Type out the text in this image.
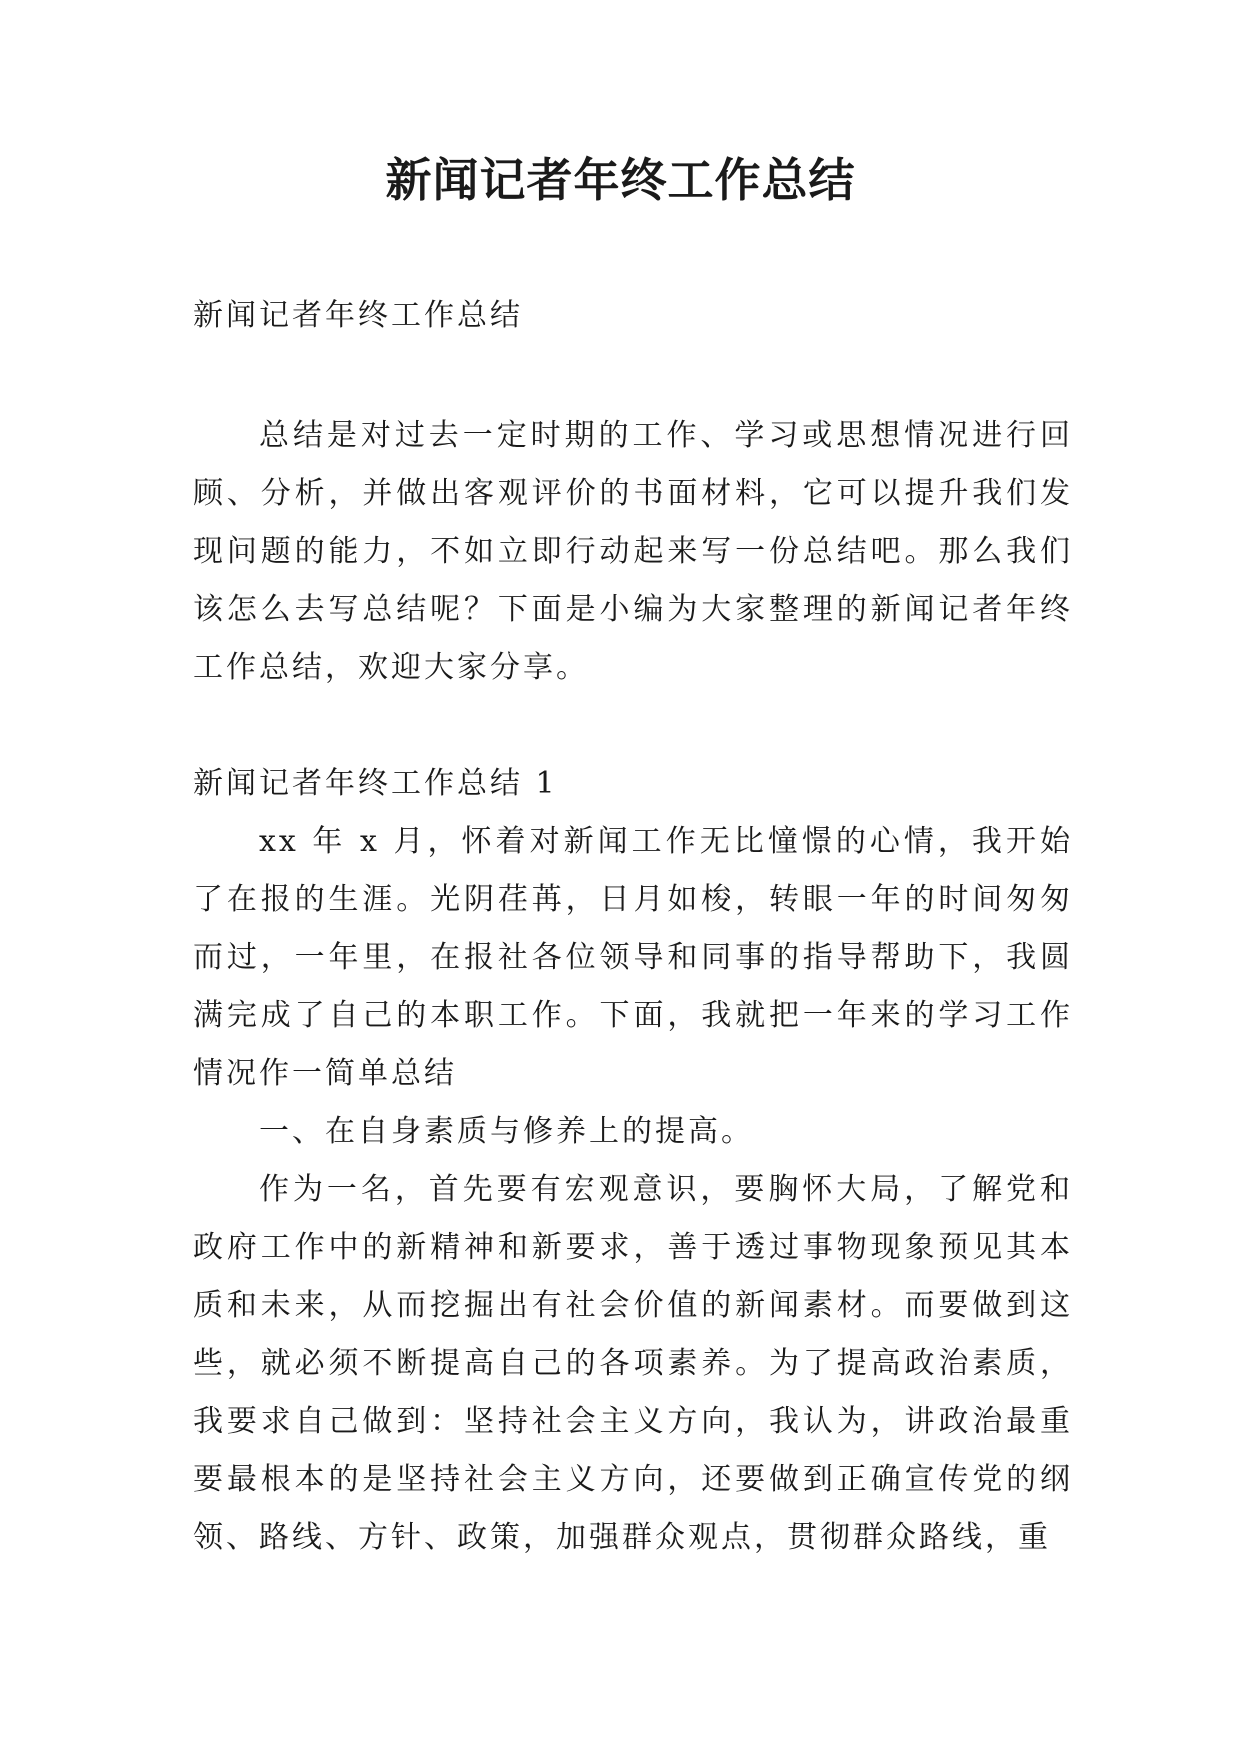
新闻记者年终工作总结

新闻记者年终工作总结

总结是对过去一定时期的工作、学习或思想情况进行回顾、分析，并做出客观评价的书面材料，它可以提升我们发现问题的能力，不如立即行动起来写一份总结吧。那么我们该怎么去写总结呢？下面是小编为大家整理的新闻记者年终工作总结，欢迎大家分享。

新闻记者年终工作总结 1

xx 年 x 月，怀着对新闻工作无比憧憬的心情，我开始了在报的生涯。光阴荏苒，日月如梭，转眼一年的时间匆匆而过，一年里，在报社各位领导和同事的指导帮助下，我圆满完成了自己的本职工作。下面，我就把一年来的学习工作情况作一简单总结

一、在自身素质与修养上的提高。

作为一名，首先要有宏观意识，要胸怀大局，了解党和政府工作中的新精神和新要求，善于透过事物现象预见其本质和未来，从而挖掘出有社会价值的新闻素材。而要做到这些，就必须不断提高自己的各项素养。为了提高政治素质，我要求自己做到：坚持社会主义方向，我认为，讲政治最重要最根本的是坚持社会主义方向，还要做到正确宣传党的纲领、路线、方针、政策，加强群众观点，贯彻群众路线，重
